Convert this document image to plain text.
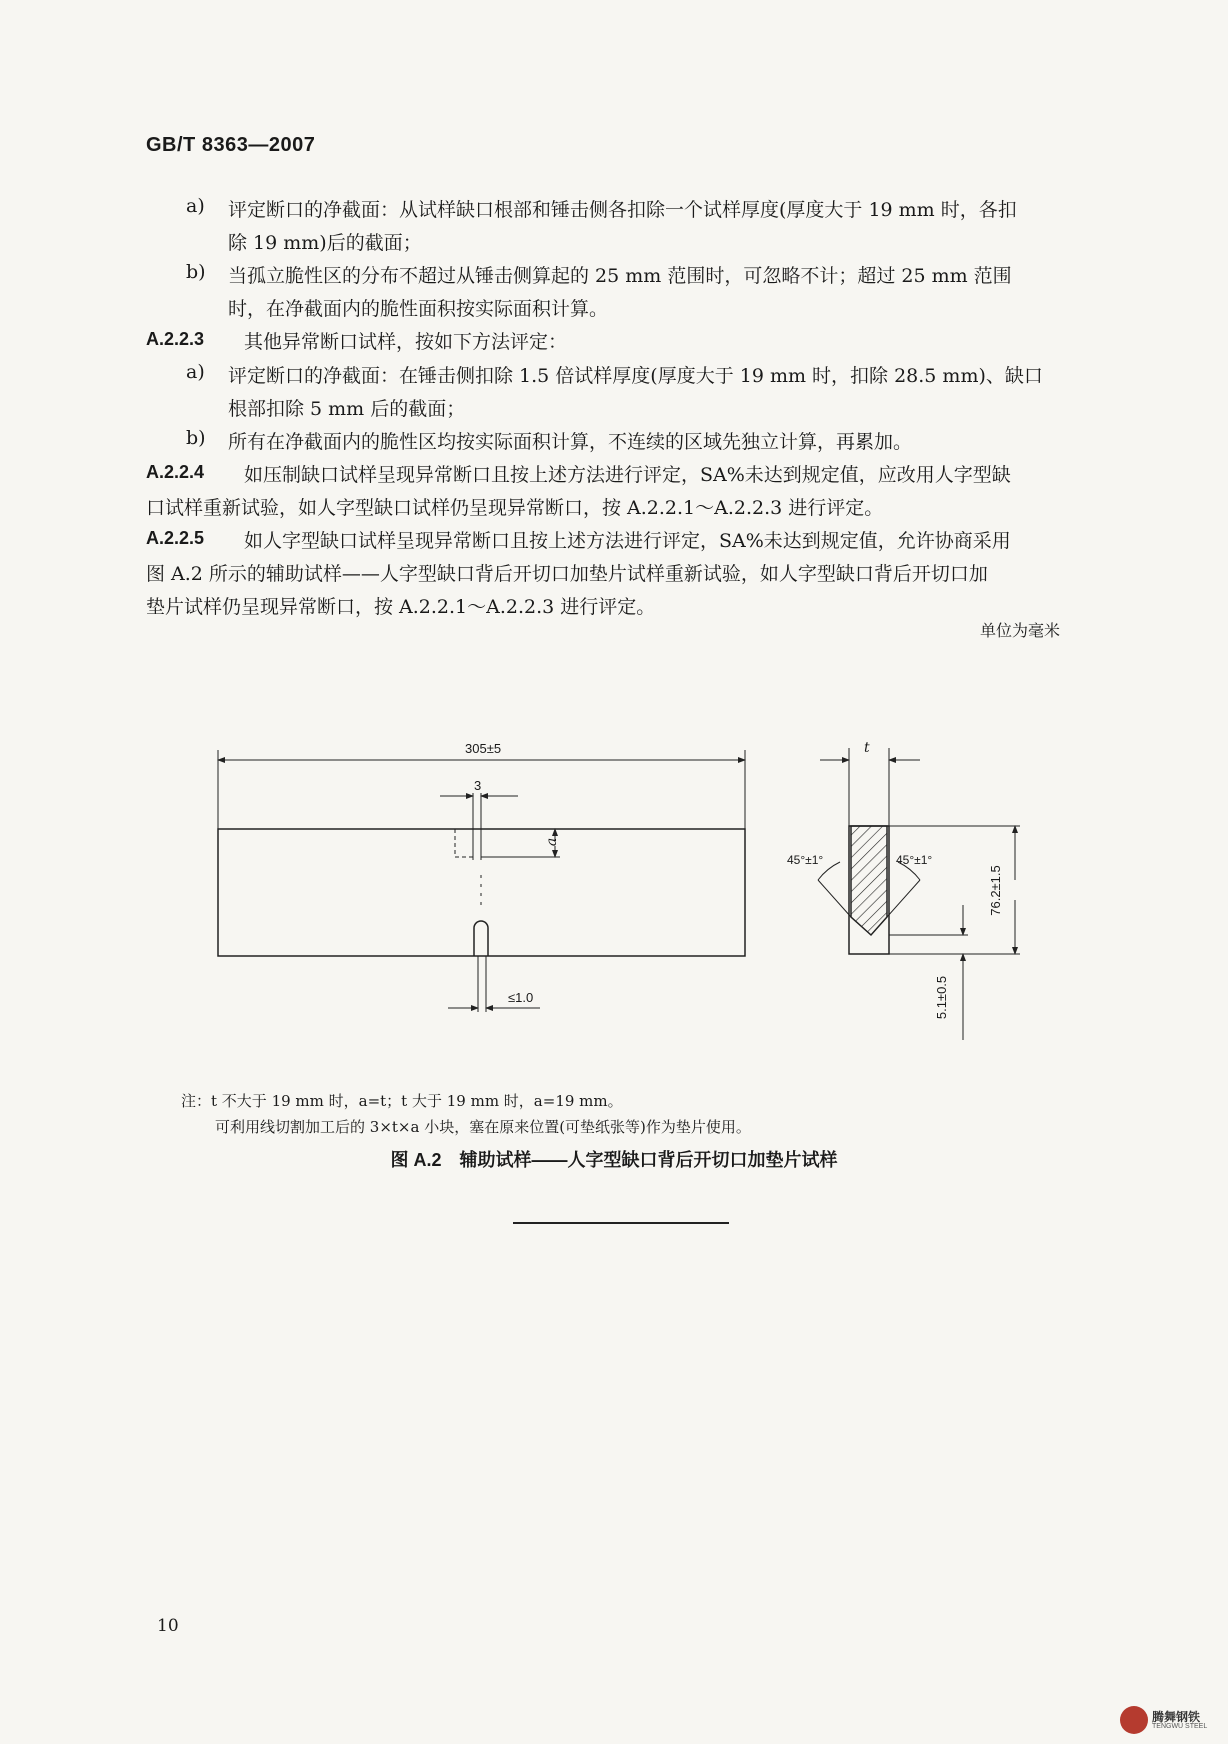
GB/T 8363—2007
a) 评定断口的净截面：从试样缺口根部和锤击侧各扣除一个试样厚度(厚度大于 19 mm 时，各扣
除 19 mm)后的截面；
b) 当孤立脆性区的分布不超过从锤击侧算起的 25 mm 范围时，可忽略不计；超过 25 mm 范围
时，在净截面内的脆性面积按实际面积计算。
A.2.2.3 其他异常断口试样，按如下方法评定：
a) 评定断口的净截面：在锤击侧扣除 1.5 倍试样厚度(厚度大于 19 mm 时，扣除 28.5 mm)、缺口
根部扣除 5 mm 后的截面；
b) 所有在净截面内的脆性区均按实际面积计算，不连续的区域先独立计算，再累加。
A.2.2.4 如压制缺口试样呈现异常断口且按上述方法进行评定，SA%未达到规定值，应改用人字型缺
口试样重新试验，如人字型缺口试样仍呈现异常断口，按 A.2.2.1～A.2.2.3 进行评定。
A.2.2.5 如人字型缺口试样呈现异常断口且按上述方法进行评定，SA%未达到规定值，允许协商采用
图 A.2 所示的辅助试样——人字型缺口背后开切口加垫片试样重新试验，如人字型缺口背后开切口加
垫片试样仍呈现异常断口，按 A.2.2.1～A.2.2.3 进行评定。
单位为毫米
305±5
3
a
≤1.0
t
45°±1°	45°±1°
76.2±1.5
5.1±0.5
注：t 不大于 19 mm 时，a=t；t 大于 19 mm 时，a=19 mm。
可利用线切割加工后的 3×t×a 小块，塞在原来位置(可垫纸张等)作为垫片使用。
图 A.2　辅助试样——人字型缺口背后开切口加垫片试样
10
腾舞钢铁
TENGWU STEEL
